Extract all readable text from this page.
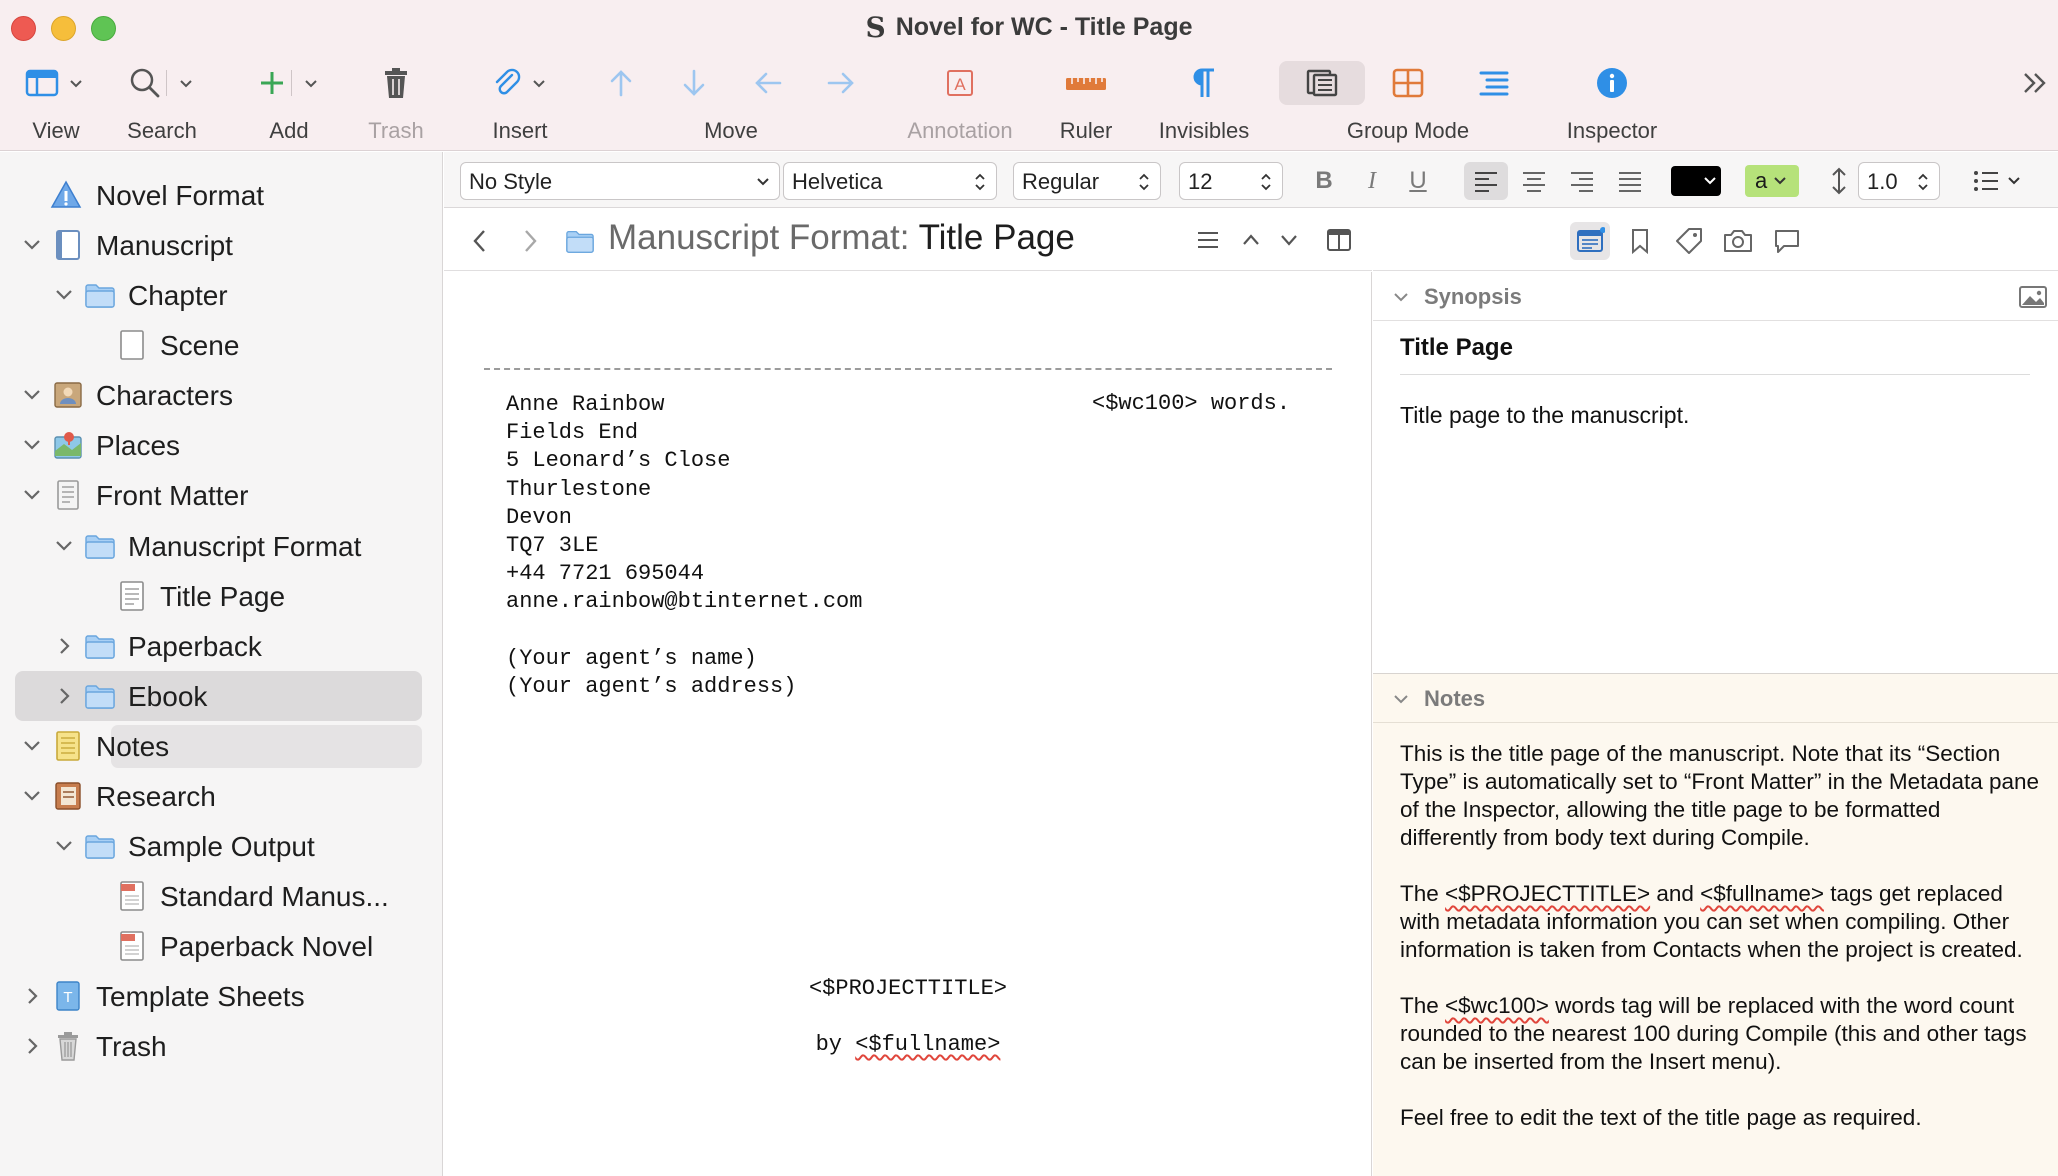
S Novel for WC - Title Page
View	Search	Add	Trash	Insert	Move
A
Annotation	Ruler	Invisibles	Group Mode	Inspector
Novel Format
Manuscript
Chapter
Scene
Characters
Places
Front Matter
Manuscript Format
Title Page
Paperback
Ebook
Notes
Research
Sample Output
Standard Manus...
Paperback Novel
T Template Sheets
Trash
No Style	Helvetica	Regular	12	B	I	U	a	1.0
Manuscript Format: Title Page
Anne Rainbow
Fields End
5 Leonard’s Close
Thurlestone
Devon
TQ7 3LE
+44 7721 695044
anne.rainbow@btinternet.com

(Your agent’s name)
(Your agent’s address)
<$wc100> words.
<$PROJECTTITLE>
by <$fullname>
Synopsis
Title Page
Title page to the manuscript.
Notes

This is the title page of the manuscript. Note that its “Section Type” is automatically set to “Front Matter” in the Metadata pane of the Inspector, allowing the title page to be formatted differently from body text during Compile.

The <$PROJECTTITLE> and <$fullname> tags get replaced with metadata information you can set when compiling. Other information is taken from Contacts when the project is created.

The <$wc100> words tag will be replaced with the word count rounded to the nearest 100 during Compile (this and other tags can be inserted from the Insert menu).

Feel free to edit the text of the title page as required.
